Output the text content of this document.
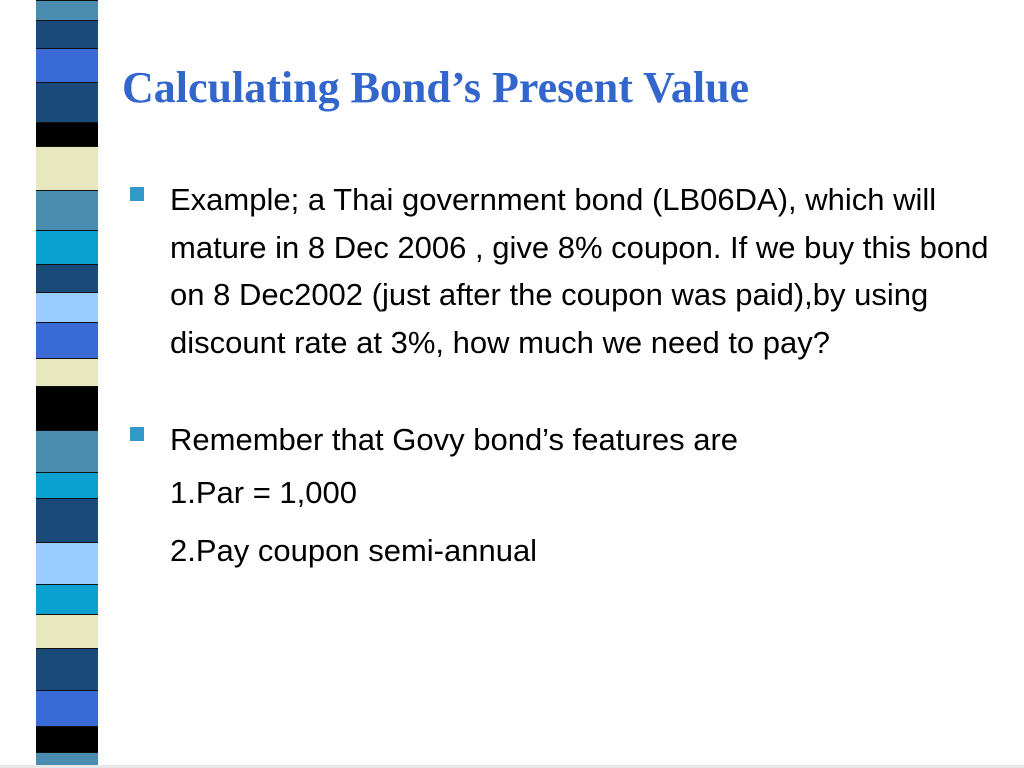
Calculating Bond’s Present Value
Example; a Thai government bond (LB06DA), which will mature in 8 Dec 2006 , give 8% coupon. If we buy this bond on 8 Dec2002 (just after the coupon was paid),by using discount rate at 3%, how much we need to pay?
Remember that Govy bond’s features are
1.Par = 1,000
2.Pay coupon semi-annual
